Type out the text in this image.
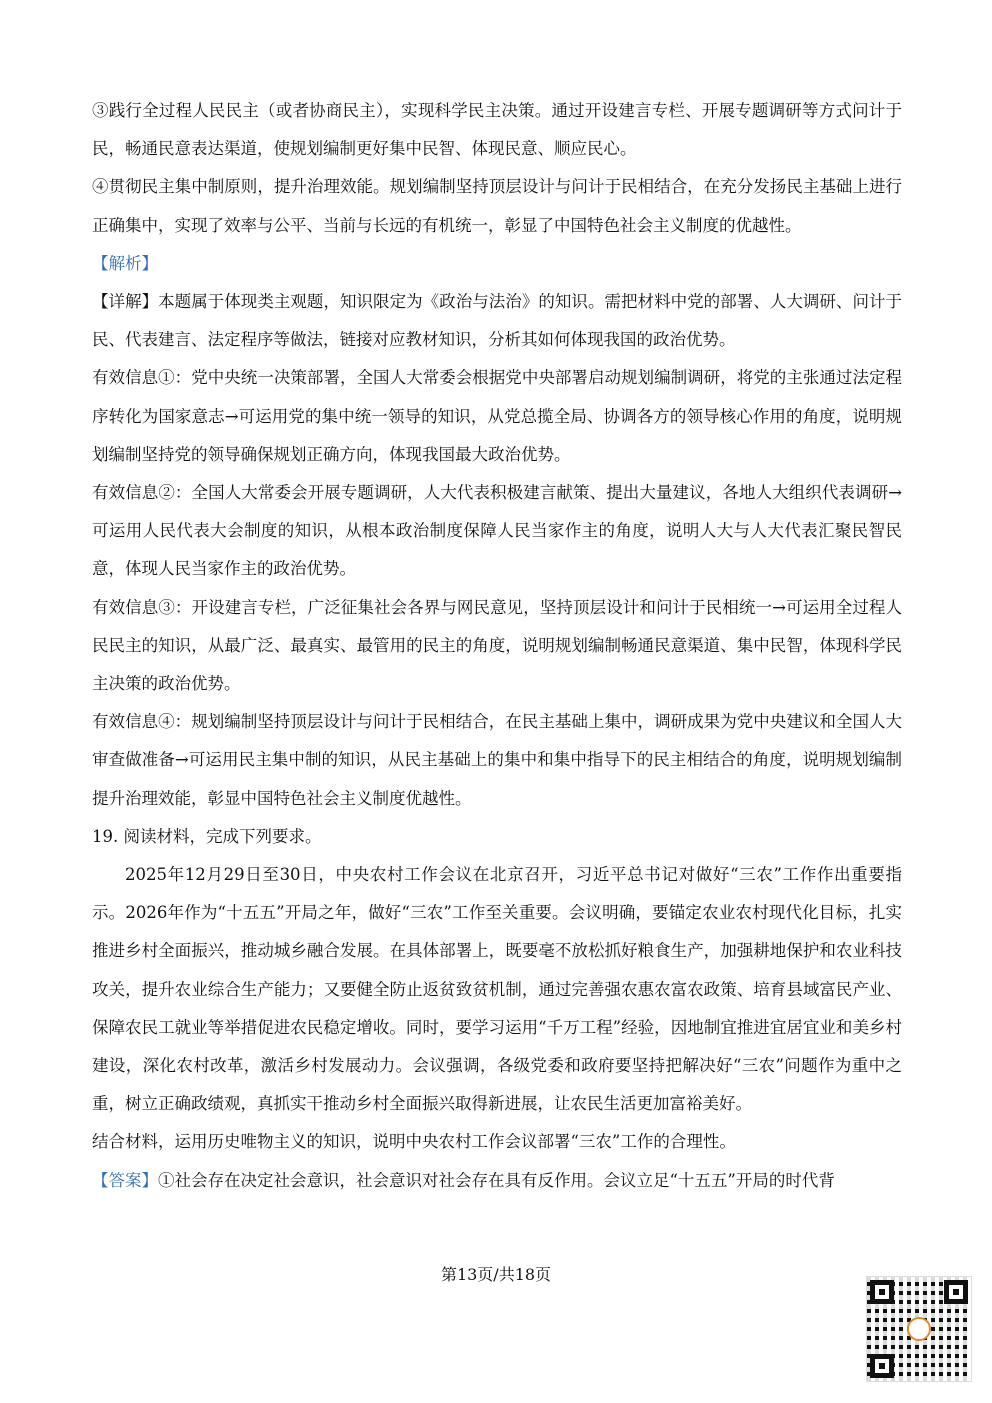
③践行全过程人民民主（或者协商民主），实现科学民主决策。通过开设建言专栏、开展专题调研等方式问计于民，畅通民意表达渠道，使规划编制更好集中民智、体现民意、顺应民心。

④贯彻民主集中制原则，提升治理效能。规划编制坚持顶层设计与问计于民相结合，在充分发扬民主基础上进行正确集中，实现了效率与公平、当前与长远的有机统一，彰显了中国特色社会主义制度的优越性。

【解析】

【详解】本题属于体现类主观题，知识限定为《政治与法治》的知识。需把材料中党的部署、人大调研、问计于民、代表建言、法定程序等做法，链接对应教材知识，分析其如何体现我国的政治优势。

有效信息①：党中央统一决策部署，全国人大常委会根据党中央部署启动规划编制调研，将党的主张通过法定程序转化为国家意志→可运用党的集中统一领导的知识，从党总揽全局、协调各方的领导核心作用的角度，说明规划编制坚持党的领导确保规划正确方向，体现我国最大政治优势。

有效信息②：全国人大常委会开展专题调研，人大代表积极建言献策、提出大量建议，各地人大组织代表调研→可运用人民代表大会制度的知识，从根本政治制度保障人民当家作主的角度，说明人大与人大代表汇聚民智民意，体现人民当家作主的政治优势。

有效信息③：开设建言专栏，广泛征集社会各界与网民意见，坚持顶层设计和问计于民相统一→可运用全过程人民民主的知识，从最广泛、最真实、最管用的民主的角度，说明规划编制畅通民意渠道、集中民智，体现科学民主决策的政治优势。

有效信息④：规划编制坚持顶层设计与问计于民相结合，在民主基础上集中，调研成果为党中央建议和全国人大审查做准备→可运用民主集中制的知识，从民主基础上的集中和集中指导下的民主相结合的角度，说明规划编制提升治理效能，彰显中国特色社会主义制度优越性。

19. 阅读材料，完成下列要求。

2025年12月29日至30日，中央农村工作会议在北京召开，习近平总书记对做好“三农”工作作出重要指示。2026年作为“十五五”开局之年，做好“三农”工作至关重要。会议明确，要锚定农业农村现代化目标，扎实推进乡村全面振兴，推动城乡融合发展。在具体部署上，既要毫不放松抓好粮食生产，加强耕地保护和农业科技攻关，提升农业综合生产能力；又要健全防止返贫致贫机制，通过完善强农惠农富农政策、培育县域富民产业、保障农民工就业等举措促进农民稳定增收。同时，要学习运用“千万工程”经验，因地制宜推进宜居宜业和美乡村建设，深化农村改革，激活乡村发展动力。会议强调，各级党委和政府要坚持把解决好“三农”问题作为重中之重，树立正确政绩观，真抓实干推动乡村全面振兴取得新进展，让农民生活更加富裕美好。

结合材料，运用历史唯物主义的知识，说明中央农村工作会议部署“三农”工作的合理性。

【答案】①社会存在决定社会意识，社会意识对社会存在具有反作用。会议立足“十五五”开局的时代背

第13页/共18页
